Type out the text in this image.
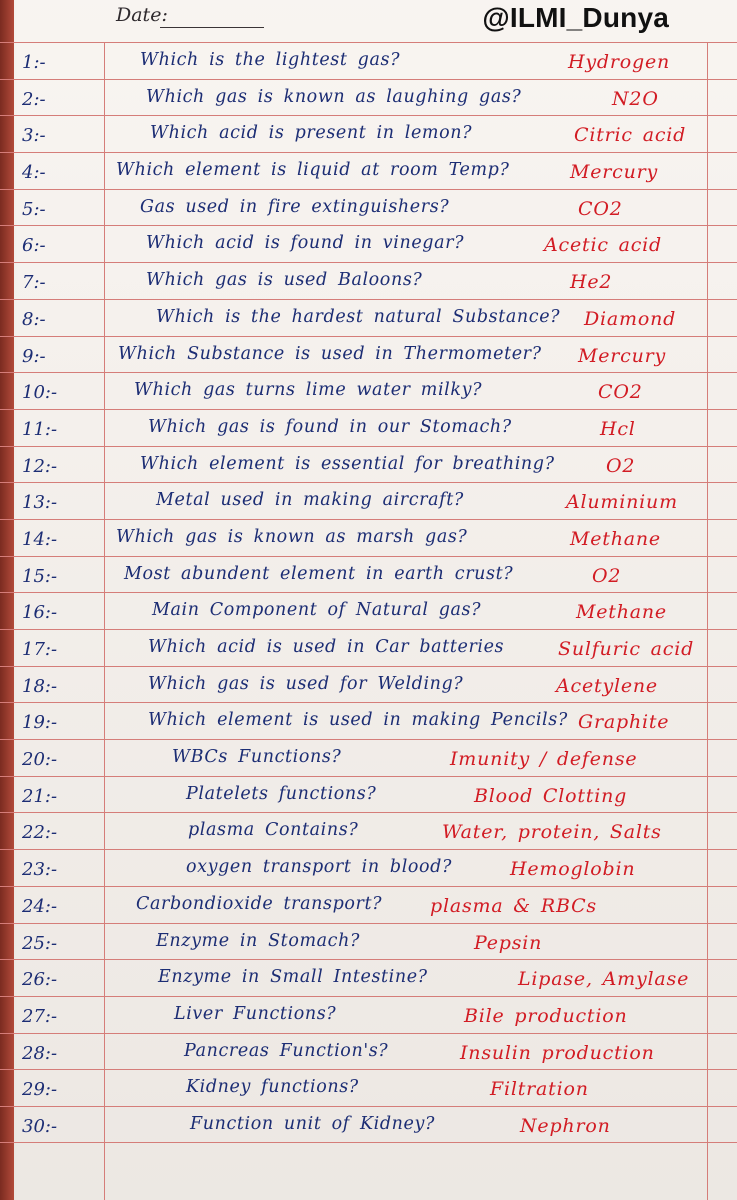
Date:	@ILMI_Dunya
1:-	Which is the lightest gas?	Hydrogen
2:-	Which gas is known as laughing gas?	N2O
3:-	Which acid is present in lemon?	Citric acid
4:-	Which element is liquid at room Temp?	Mercury
5:-	Gas used in fire extinguishers?	CO2
6:-	Which acid is found in vinegar?	Acetic acid
7:-	Which gas is used Baloons?	He2
8:-	Which is the hardest natural Substance? Diamond
9:-	Which Substance is used in Thermometer? Mercury
10:-	Which gas turns lime water milky?	CO2
11:-	Which gas is found in our Stomach?	Hcl
12:-	Which element is essential for breathing?	O2
13:-	Metal used in making aircraft?	Aluminium
14:-	Which gas is known as marsh gas?	Methane
15:-	Most abundent element in earth crust?	O2
16:-	Main Component of Natural gas?	Methane
17:-	Which acid is used in Car batteries	Sulfuric acid
18:-	Which gas is used for Welding?	Acetylene
19:-	Which element is used in making Pencils? Graphite
20:-	WBCs Functions?	Imunity / defense
21:-	Platelets functions?	Blood Clotting
22:-	plasma Contains?	Water, protein, Salts
23:-	oxygen transport in blood?	Hemoglobin
24:-	Carbondioxide transport?	plasma & RBCs
25:-	Enzyme in Stomach?	Pepsin
26:-	Enzyme in Small Intestine?	Lipase, Amylase
27:-	Liver Functions?	Bile production
28:-	Pancreas Function's?	Insulin production
29:-	Kidney functions?	Filtration
30:-	Function unit of Kidney?	Nephron
